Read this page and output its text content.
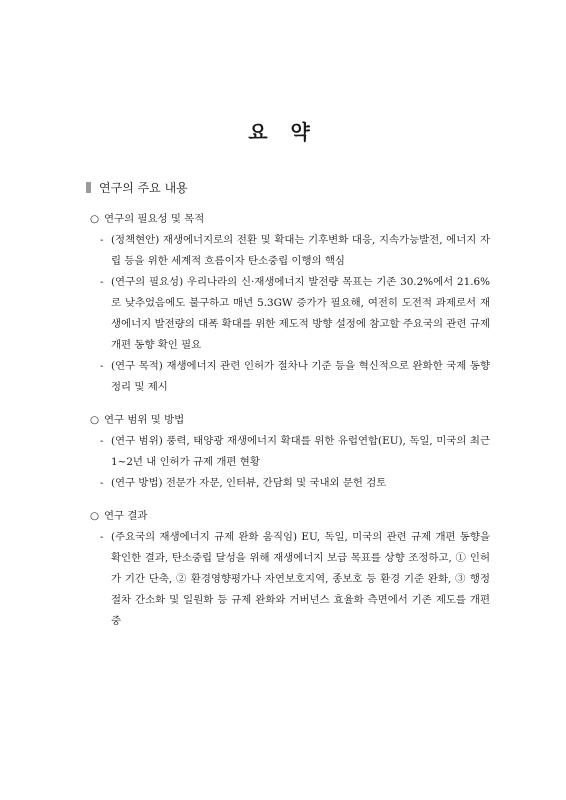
요 약
연구의 주요 내용
○ 연구의 필요성 및 목적
- (정책현안) 재생에너지로의 전환 및 확대는 기후변화 대응, 지속가능발전, 에너지 자립 등을 위한 세계적 흐름이자 탄소중립 이행의 핵심
- (연구의 필요성) 우리나라의 신·재생에너지 발전량 목표는 기존 30.2%에서 21.6%로 낮추었음에도 불구하고 매년 5.3GW 증가가 필요해, 여전히 도전적 과제로서 재생에너지 발전량의 대폭 확대를 위한 제도적 방향 설정에 참고할 주요국의 관련 규제 개편 동향 확인 필요
- (연구 목적) 재생에너지 관련 인허가 절차나 기준 등을 혁신적으로 완화한 국제 동향 정리 및 제시
○ 연구 범위 및 방법
- (연구 범위) 풍력, 태양광 재생에너지 확대를 위한 유럽연합(EU), 독일, 미국의 최근 1~2년 내 인허가 규제 개편 현황
- (연구 방법) 전문가 자문, 인터뷰, 간담회 및 국내외 문헌 검토
○ 연구 결과
- (주요국의 재생에너지 규제 완화 움직임) EU, 독일, 미국의 관련 규제 개편 동향을 확인한 결과, 탄소중립 달성을 위해 재생에너지 보급 목표를 상향 조정하고, ① 인허가 기간 단축, ② 환경영향평가나 자연보호지역, 종보호 등 환경 기준 완화, ③ 행정절차 간소화 및 일원화 등 규제 완화와 거버넌스 효율화 측면에서 기존 제도를 개편 중
